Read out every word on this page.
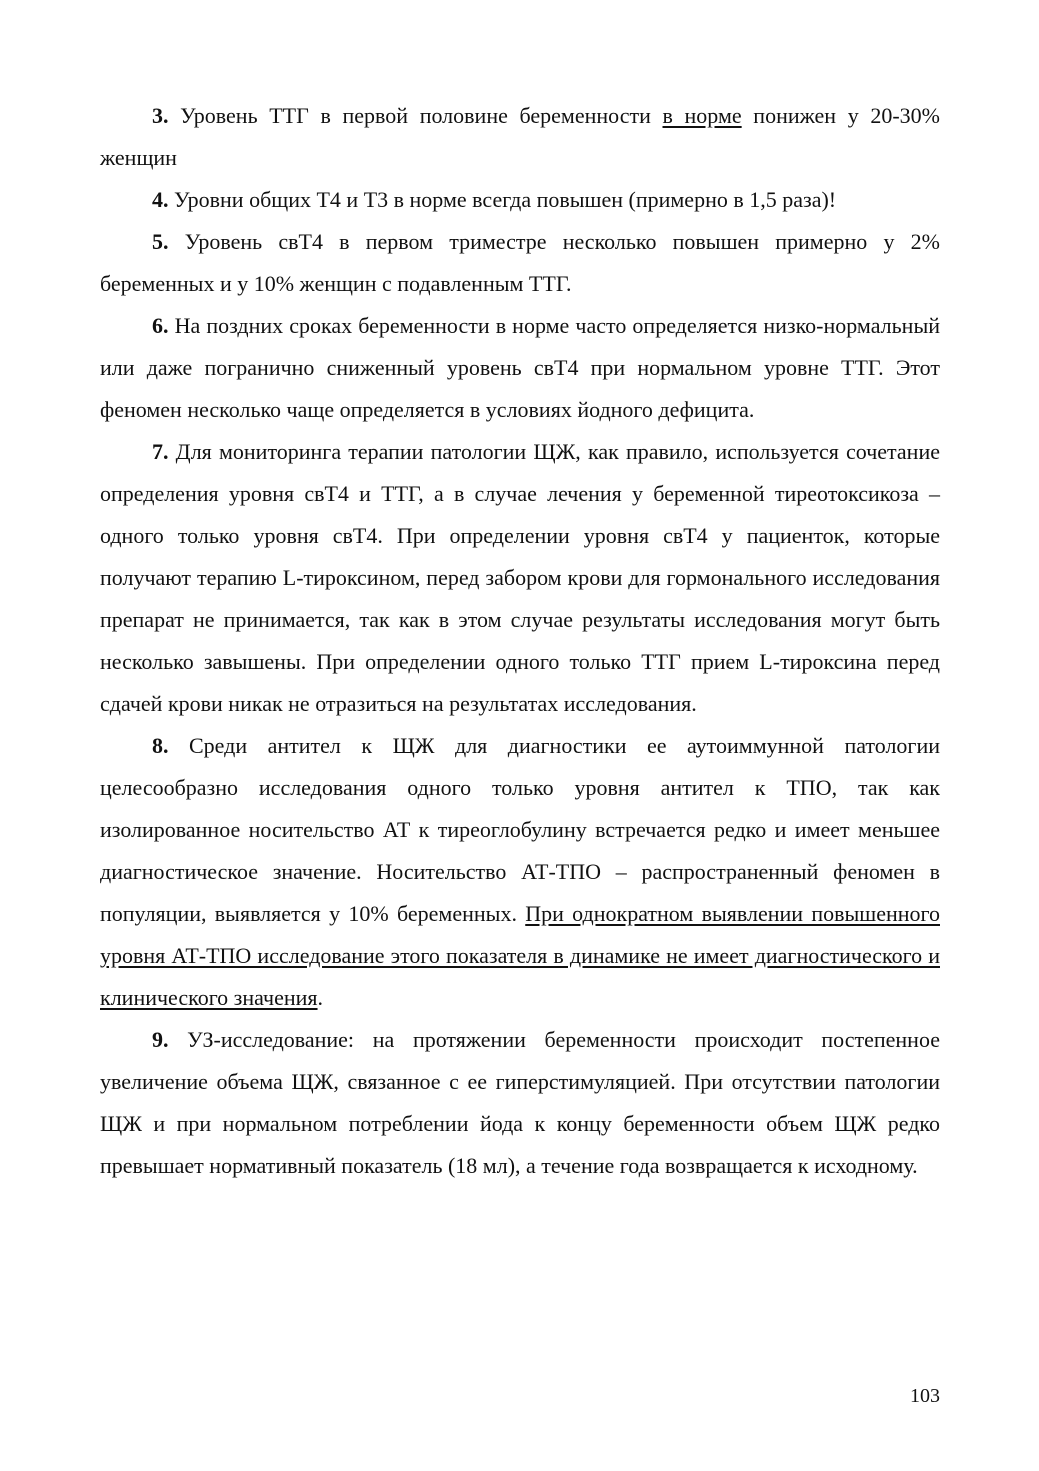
3. Уровень ТТГ в первой половине беременности в норме понижен у 20-30% женщин

4. Уровни общих Т4 и Т3 в норме всегда повышен (примерно в 1,5 раза)!

5. Уровень свТ4 в первом триместре несколько повышен примерно у 2% беременных и у 10% женщин с подавленным ТТГ.

6. На поздних сроках беременности в норме часто определяется низко-нормальный или даже погранично сниженный уровень свТ4 при нормальном уровне ТТГ. Этот феномен несколько чаще определяется в условиях йодного дефицита.

7. Для мониторинга терапии патологии ЩЖ, как правило, используется сочетание определения уровня свТ4 и ТТГ, а в случае лечения у беременной тиреотоксикоза – одного только уровня свТ4. При определении уровня свТ4 у пациенток, которые получают терапию L-тироксином, перед забором крови для гормонального исследования препарат не принимается, так как в этом случае результаты исследования могут быть несколько завышены. При определении одного только ТТГ прием L-тироксина перед сдачей крови никак не отразиться на результатах исследования.

8. Среди антител к ЩЖ для диагностики ее аутоиммунной патологии целесообразно исследования одного только уровня антител к ТПО, так как изолированное носительство АТ к тиреоглобулину встречается редко и имеет меньшее диагностическое значение. Носительство АТ-ТПО – распространенный феномен в популяции, выявляется у 10% беременных. При однократном выявлении повышенного уровня АТ-ТПО исследование этого показателя в динамике не имеет диагностического и клинического значения.

9. УЗ-исследование: на протяжении беременности происходит постепенное увеличение объема ЩЖ, связанное с ее гиперстимуляцией. При отсутствии патологии ЩЖ и при нормальном потреблении йода к концу беременности объем ЩЖ редко превышает нормативный показатель (18 мл), а течение года возвращается к исходному.

103
